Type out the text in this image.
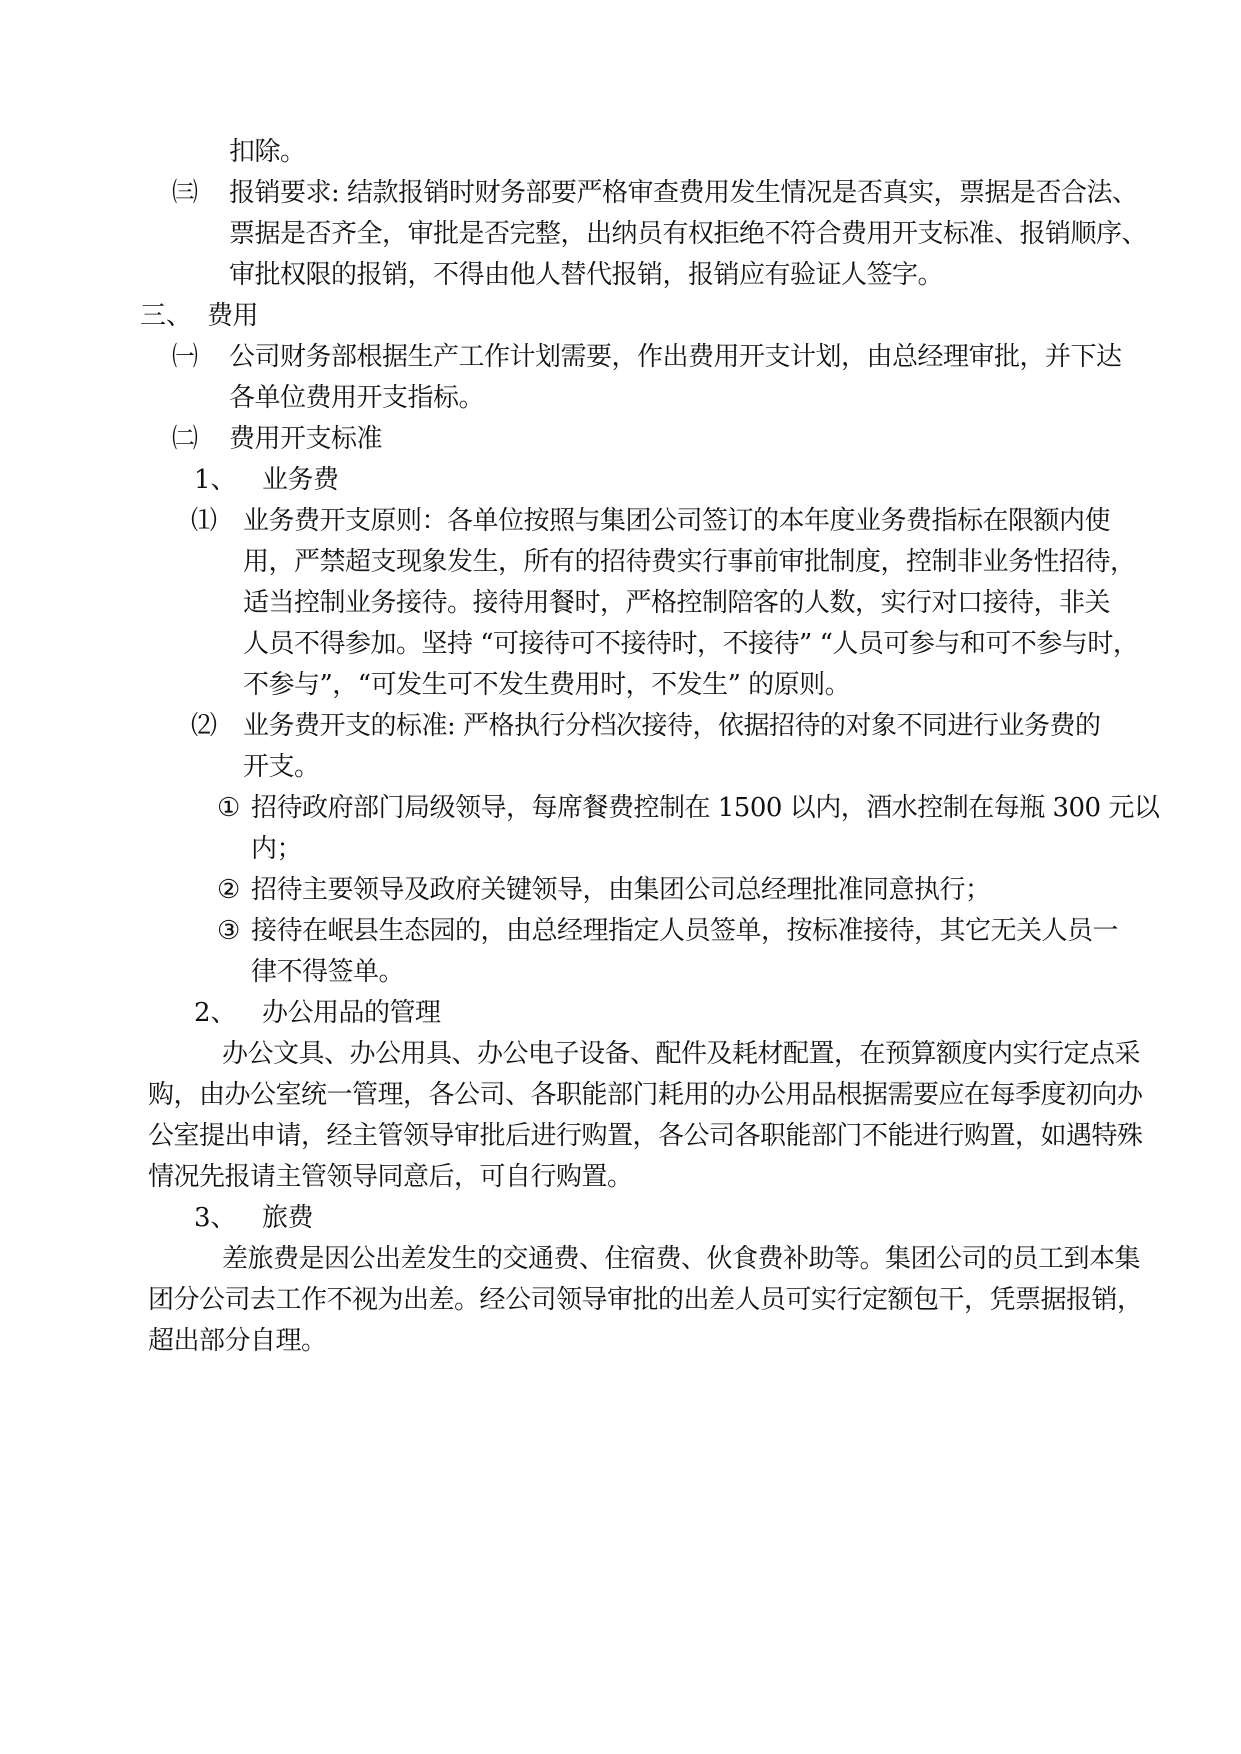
扣除。
㈢ 报销要求: 结款报销时财务部要严格审查费用发生情况是否真实，票据是否合法、
票据是否齐全，审批是否完整，出纳员有权拒绝不符合费用开支标准、报销顺序、
审批权限的报销，不得由他人替代报销，报销应有验证人签字。
三、 费用
㈠ 公司财务部根据生产工作计划需要，作出费用开支计划，由总经理审批，并下达
各单位费用开支指标。
㈡ 费用开支标准
1、 业务费
⑴ 业务费开支原则：各单位按照与集团公司签订的本年度业务费指标在限额内使
用，严禁超支现象发生，所有的招待费实行事前审批制度，控制非业务性招待，
适当控制业务接待。接待用餐时，严格控制陪客的人数，实行对口接待，非关
人员不得参加。坚持 “可接待可不接待时，不接待” “人员可参与和可不参与时，
不参与”，“可发生可不发生费用时，不发生” 的原则。
⑵ 业务费开支的标准: 严格执行分档次接待，依据招待的对象不同进行业务费的
开支。
① 招待政府部门局级领导，每席餐费控制在 1500 以内，酒水控制在每瓶 300 元以
内；
② 招待主要领导及政府关键领导，由集团公司总经理批准同意执行；
③ 接待在岷县生态园的，由总经理指定人员签单，按标准接待，其它无关人员一
律不得签单。
2、 办公用品的管理
办公文具、办公用具、办公电子设备、配件及耗材配置，在预算额度内实行定点采
购，由办公室统一管理，各公司、各职能部门耗用的办公用品根据需要应在每季度初向办
公室提出申请，经主管领导审批后进行购置，各公司各职能部门不能进行购置，如遇特殊
情况先报请主管领导同意后，可自行购置。
3、 旅费
差旅费是因公出差发生的交通费、住宿费、伙食费补助等。集团公司的员工到本集
团分公司去工作不视为出差。经公司领导审批的出差人员可实行定额包干，凭票据报销，
超出部分自理。
